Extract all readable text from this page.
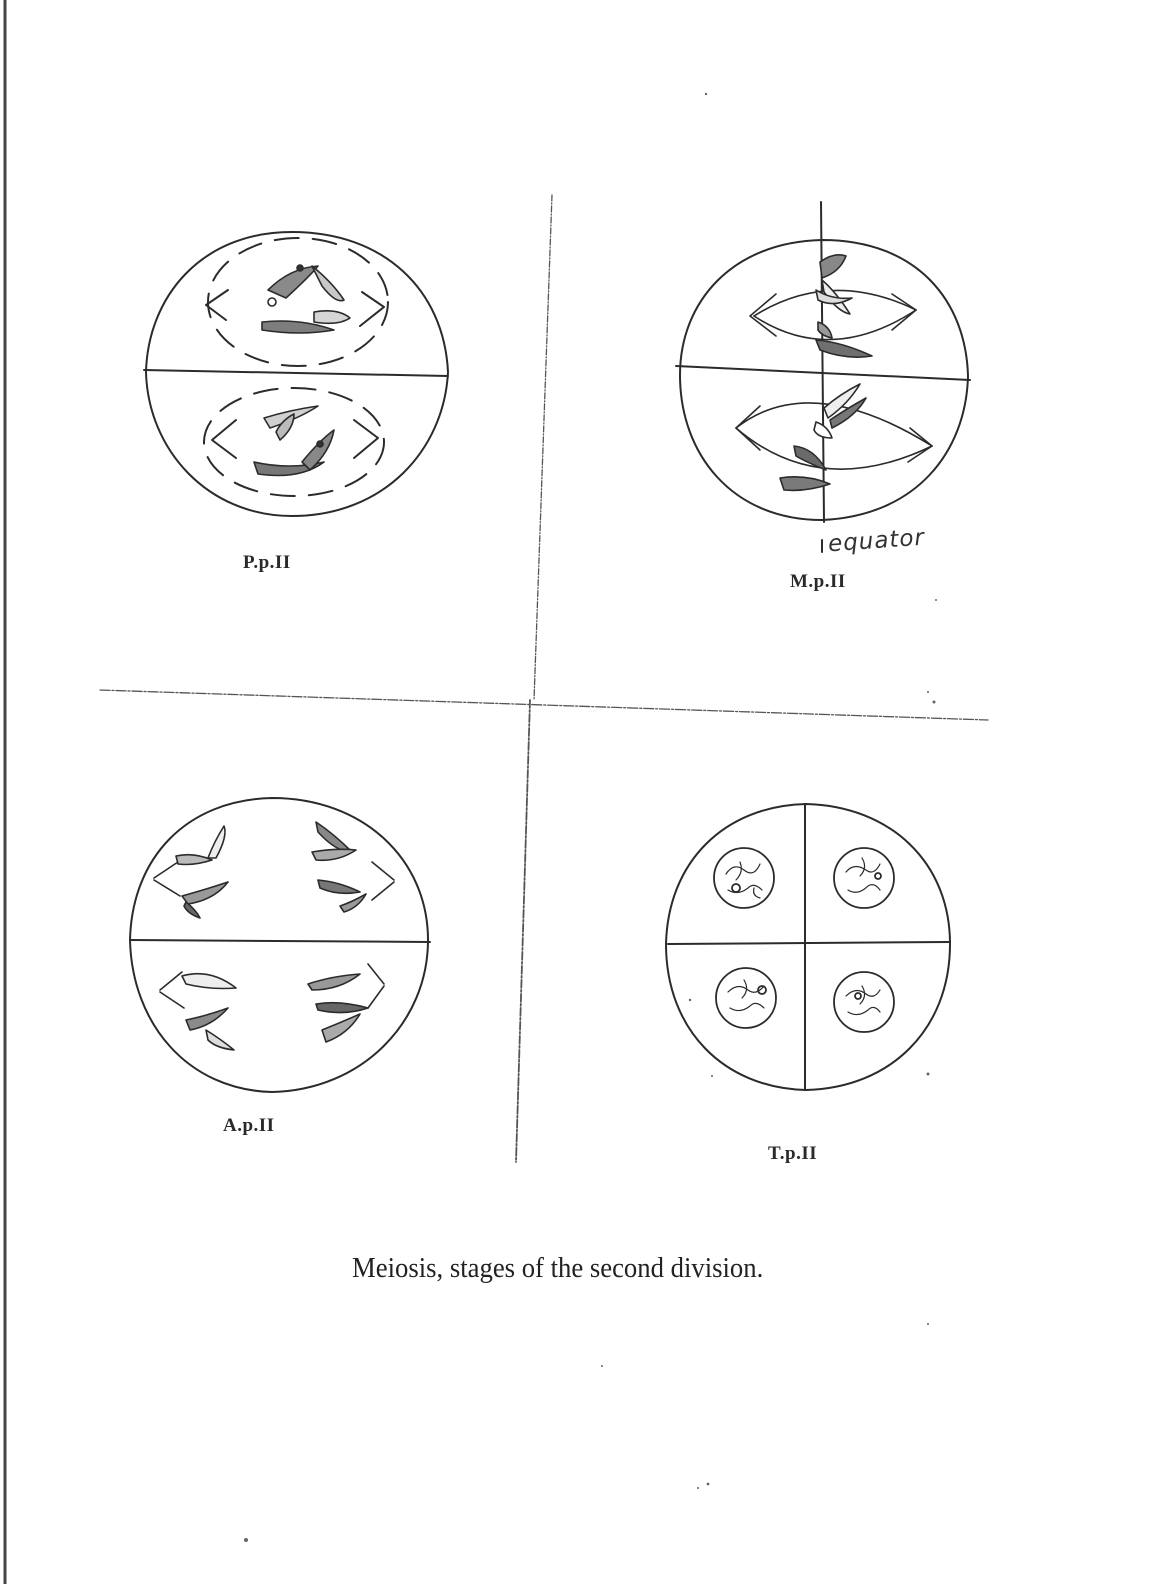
P.p.II
M.p.II
A.p.II
T.p.II
equator
Meiosis, stages of the second division.
